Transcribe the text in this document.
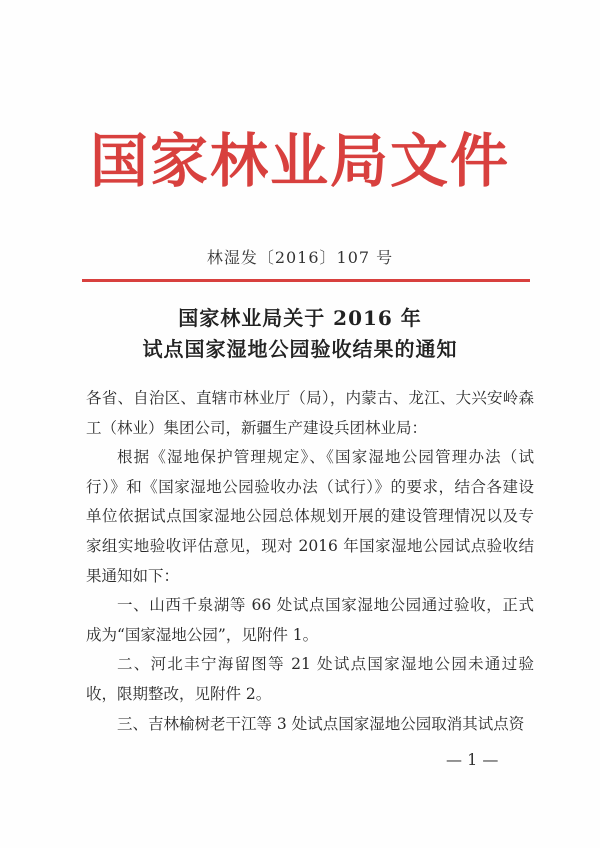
国家林业局文件
林湿发〔2016〕107 号
国家林业局关于 2016 年
试点国家湿地公园验收结果的通知

各省、自治区、直辖市林业厅（局），内蒙古、龙江、大兴安岭森工（林业）集团公司，新疆生产建设兵团林业局：

根据《湿地保护管理规定》、《国家湿地公园管理办法（试行）》和《国家湿地公园验收办法（试行）》的要求，结合各建设单位依据试点国家湿地公园总体规划开展的建设管理情况以及专家组实地验收评估意见，现对 2016 年国家湿地公园试点验收结果通知如下：

一、山西千泉湖等 66 处试点国家湿地公园通过验收，正式成为“国家湿地公园”，见附件 1。

二、河北丰宁海留图等 21 处试点国家湿地公园未通过验收，限期整改，见附件 2。

三、吉林榆树老干江等 3 处试点国家湿地公园取消其试点资

— 1 —
